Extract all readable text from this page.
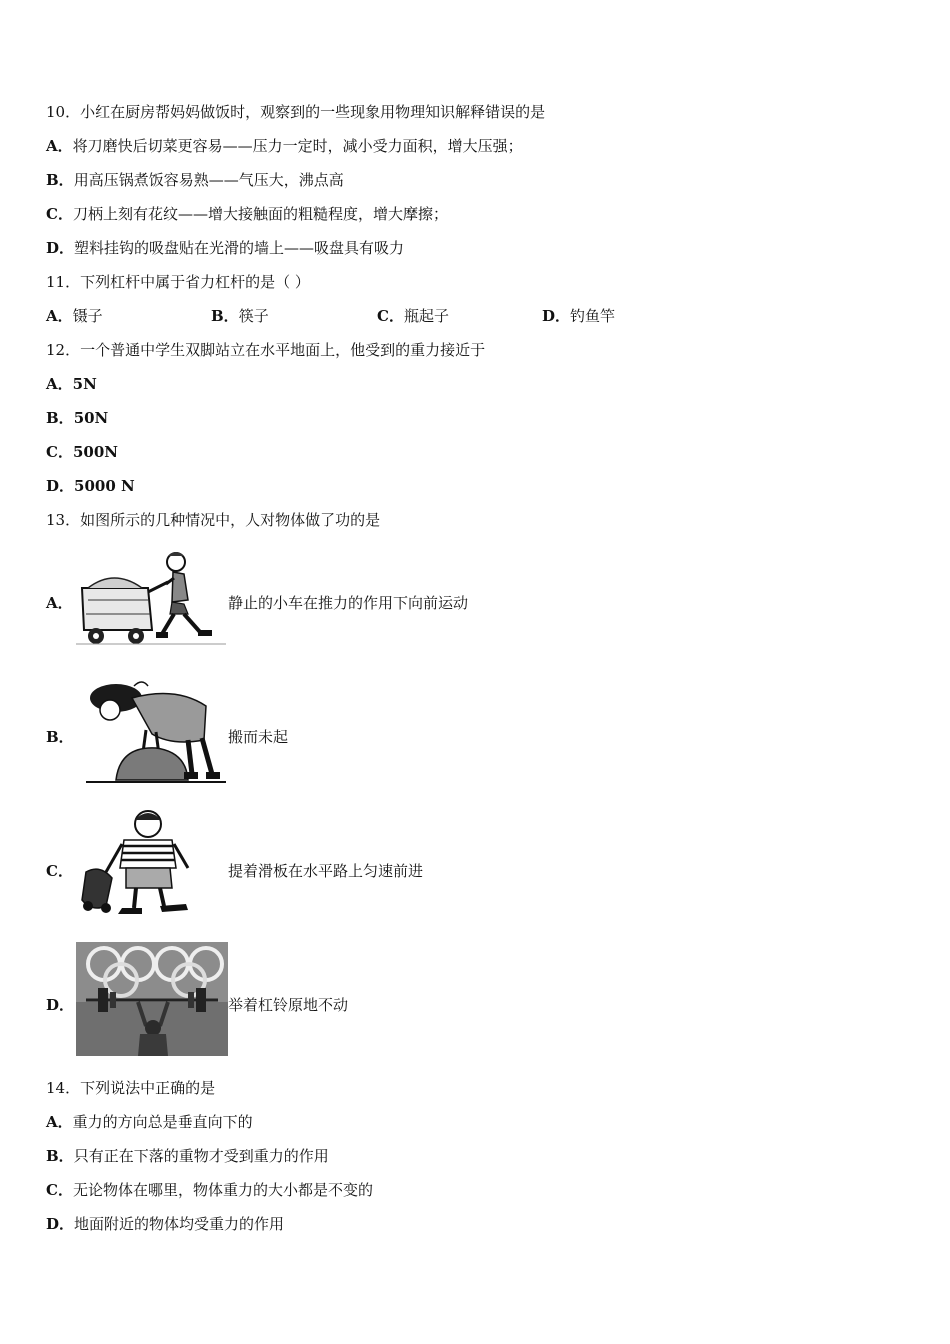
10．小红在厨房帮妈妈做饭时，观察到的一些现象用物理知识解释错误的是
A．将刀磨快后切菜更容易——压力一定时，减小受力面积，增大压强；
B．用高压锅煮饭容易熟——气压大，沸点高
C．刀柄上刻有花纹——增大接触面的粗糙程度，增大摩擦；
D．塑料挂钩的吸盘贴在光滑的墙上——吸盘具有吸力
11．下列杠杆中属于省力杠杆的是（ ）
A．镊子	B．筷子	C．瓶起子	D．钓鱼竿
12．一个普通中学生双脚站立在水平地面上，他受到的重力接近于
A．5N
B．50N
C．500N
D．5000 N
13．如图所示的几种情况中，人对物体做了功的是
A．	静止的小车在推力的作用下向前运动
B．	搬而未起
C．	提着滑板在水平路上匀速前进
D．	举着杠铃原地不动
14．下列说法中正确的是
A．重力的方向总是垂直向下的
B．只有正在下落的重物才受到重力的作用
C．无论物体在哪里，物体重力的大小都是不变的
D．地面附近的物体均受重力的作用
